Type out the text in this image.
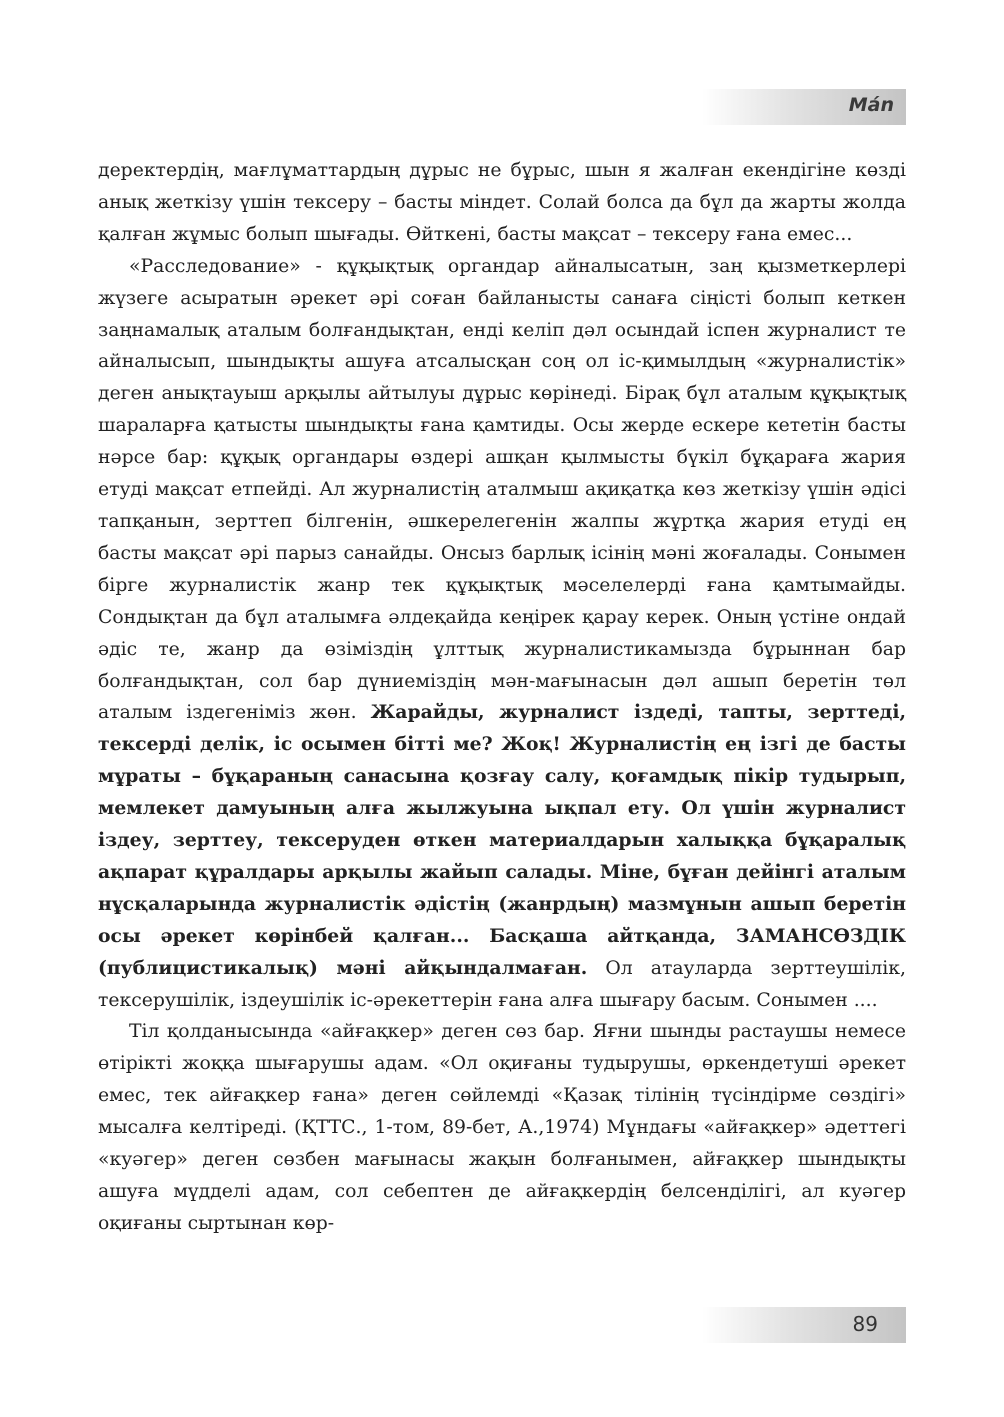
Mán

деректердің, мағлұматтардың дұрыс не бұрыс, шын я жалған екендігіне көзді анық жеткізу үшін тексеру – басты міндет. Солай болса да бұл да жарты жолда қалған жұмыс болып шығады. Өйткені, басты мақсат – тексеру ғана емес...

«Расследование» - құқықтық органдар айналысатын, заң қызметкерлері жүзеге асыратын әрекет әрі соған байланысты санаға сіңісті болып кеткен заңнамалық аталым болғандықтан, енді келіп дәл осындай іспен журналист те айналысып, шындықты ашуға атсалысқан соң ол іс-қимылдың «журналистік» деген анықтауыш арқылы айтылуы дұрыс көрінеді. Бірақ бұл аталым құқықтық шараларға қатысты шындықты ғана қамтиды. Осы жерде ескере кететін басты нәрсе бар: құқық органдары өздері ашқан қылмысты бүкіл бұқараға жария етуді мақсат етпейді. Ал журналистің аталмыш ақиқатқа көз жеткізу үшін әдісі тапқанын, зерттеп білгенін, әшкерелегенін жалпы жұртқа жария етуді ең басты мақсат әрі парыз санайды. Онсыз барлық ісінің мәні жоғалады. Сонымен бірге журналистік жанр тек құқықтық мәселелерді ғана қамтымайды. Сондықтан да бұл аталымға әлдеқайда кеңірек қарау керек. Оның үстіне ондай әдіс те, жанр да өзіміздің ұлттық журналистикамызда бұрыннан бар болғандықтан, сол бар дүниеміздің мән-мағынасын дәл ашып беретін төл аталым іздегеніміз жөн. Жарайды, журналист іздеді, тапты, зерттеді, тексерді делік, іс осымен бітті ме? Жоқ! Журналистің ең ізгі де басты мұраты – бұқараның санасына қозғау салу, қоғамдық пікір тудырып, мемлекет дамуының алға жылжуына ықпал ету. Ол үшін журналист іздеу, зерттеу, тексеруден өткен материалдарын халыққа бұқаралық ақпарат құралдары арқылы жайып салады. Міне, бұған дейінгі аталым нұсқаларында журналистік әдістің (жанрдың) мазмұнын ашып беретін осы әрекет көрінбей қалған... Басқаша айтқанда, ЗАМАНСӨЗДІК (публицистикалық) мәні айқындалмаған. Ол атауларда зерттеушілік, тексерушілік, іздеушілік іс-әрекеттерін ғана алға шығару басым. Сонымен ....

Тіл қолданысында «айғақкер» деген сөз бар. Яғни шынды растаушы немесе өтірікті жоққа шығарушы адам. «Ол оқиғаны тудырушы, өркендетуші әрекет емес, тек айғақкер ғана» деген сөйлемді «Қазақ тілінің түсіндірме сөздігі» мысалға келтіреді. (ҚТТС., 1-том, 89-бет, А.,1974) Мұндағы «айғақкер» әдеттегі «куәгер» деген сөзбен мағынасы жақын болғанымен, айғақкер шындықты ашуға мүдделі адам, сол себептен де айғақкердің белсенділігі, ал куәгер оқиғаны сыртынан көр-

89
